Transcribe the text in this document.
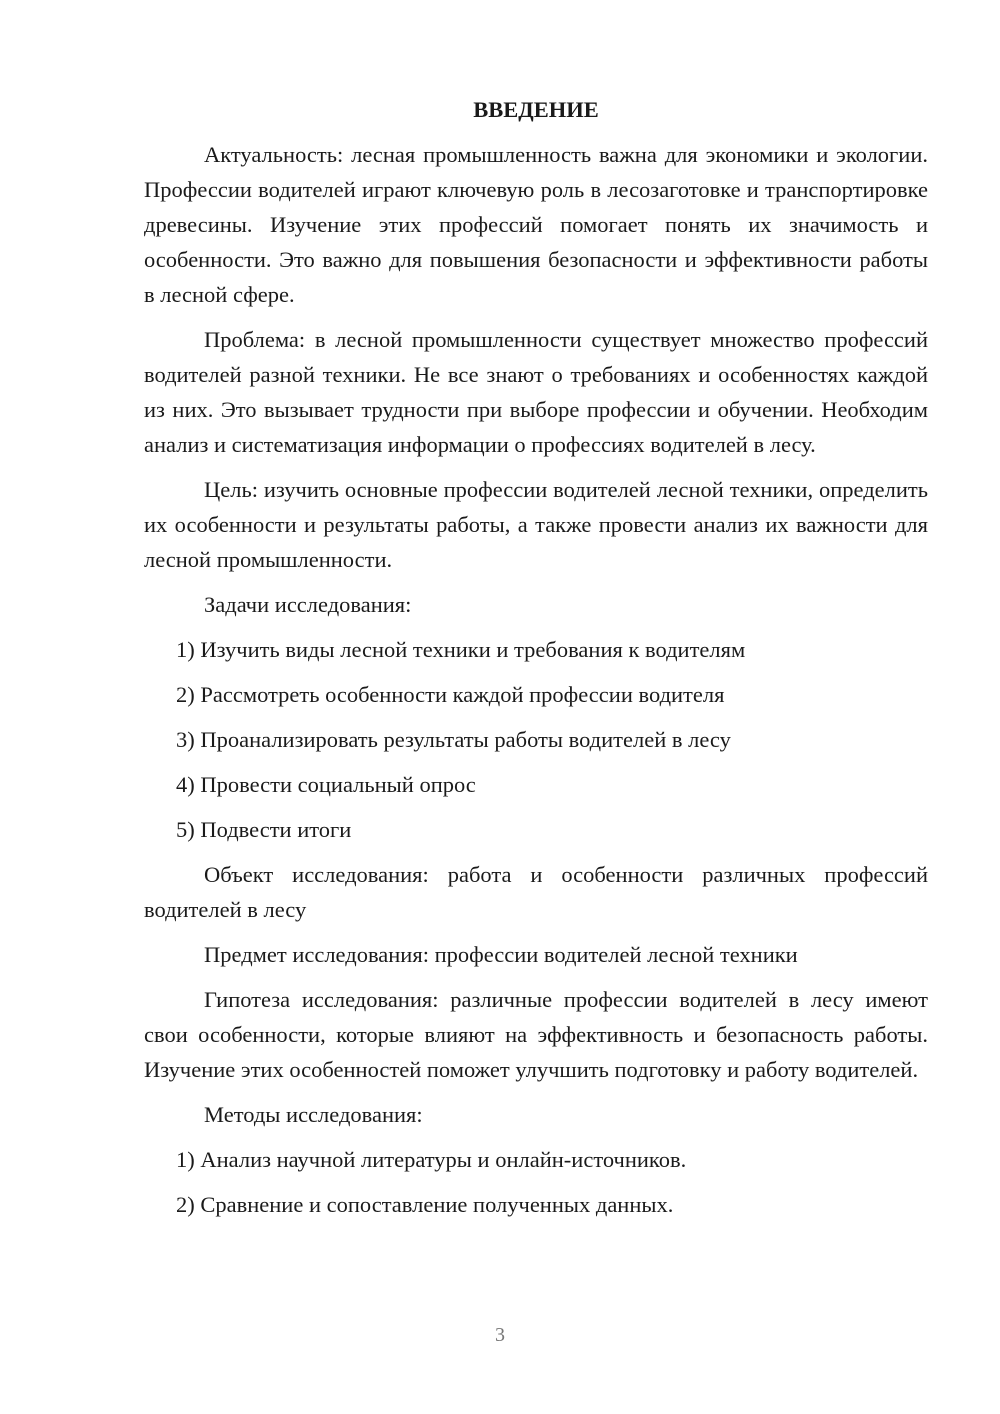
ВВЕДЕНИЕ

Актуальность: лесная промышленность важна для экономики и экологии. Профессии водителей играют ключевую роль в лесозаготовке и транспортировке древесины. Изучение этих профессий помогает понять их значимость и особенности. Это важно для повышения безопасности и эффективности работы в лесной сфере.

Проблема: в лесной промышленности существует множество профессий водителей разной техники. Не все знают о требованиях и особенностях каждой из них. Это вызывает трудности при выборе профессии и обучении. Необходим анализ и систематизация информации о профессиях водителей в лесу.

Цель: изучить основные профессии водителей лесной техники, определить их особенности и результаты работы, а также провести анализ их важности для лесной промышленности.

Задачи исследования:

1) Изучить виды лесной техники и требования к водителям

2) Рассмотреть особенности каждой профессии водителя

3) Проанализировать результаты работы водителей в лесу

4) Провести социальный опрос

5) Подвести итоги

Объект исследования: работа и особенности различных профессий водителей в лесу

Предмет исследования: профессии водителей лесной техники

Гипотеза исследования: различные профессии водителей в лесу имеют свои особенности, которые влияют на эффективность и безопасность работы. Изучение этих особенностей поможет улучшить подготовку и работу водителей.

Методы исследования:

1) Анализ научной литературы и онлайн-источников.

2) Сравнение и сопоставление полученных данных.

3
